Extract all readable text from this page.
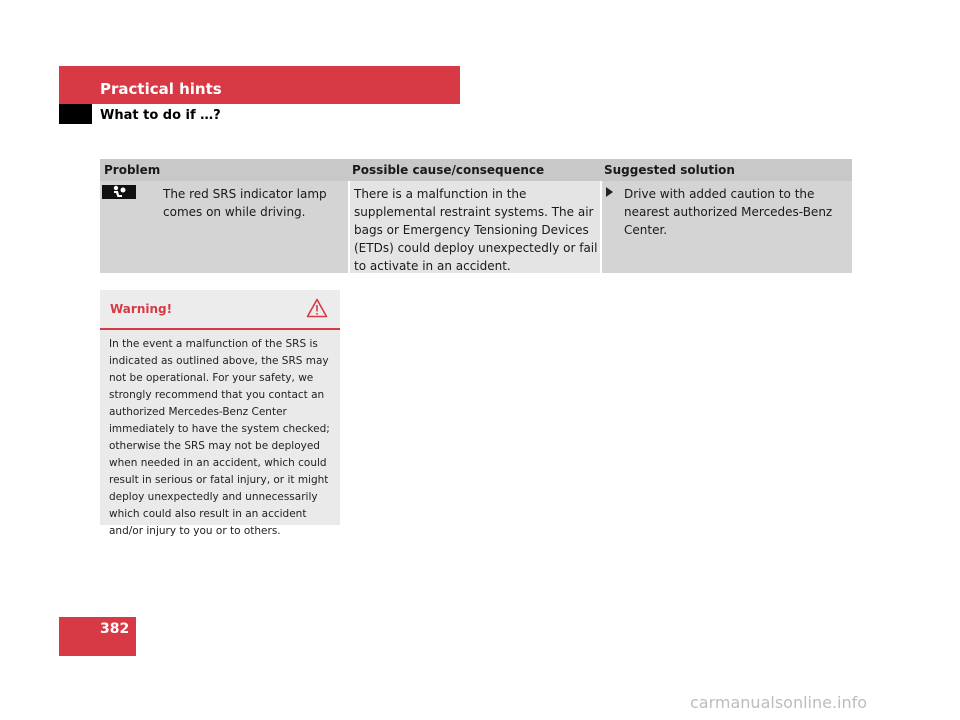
Practical hints
What to do if …?
Problem	Possible cause/consequence	Suggested solution
The red SRS indicator lamp comes on while driving.
There is a malfunction in the supplemental restraint systems. The air bags or Emergency Tensioning Devices (ETDs) could deploy unexpectedly or fail to activate in an accident.
Drive with added caution to the nearest authorized Mercedes-Benz Center.
Warning!
In the event a malfunction of the SRS is indicated as outlined above, the SRS may not be operational. For your safety, we strongly recommend that you contact an authorized Mercedes-Benz Center immediately to have the system checked; otherwise the SRS may not be deployed when needed in an accident, which could result in serious or fatal injury, or it might deploy unexpectedly and unnecessarily which could also result in an accident and/or injury to you or to others.
382
carmanualsonline.info
